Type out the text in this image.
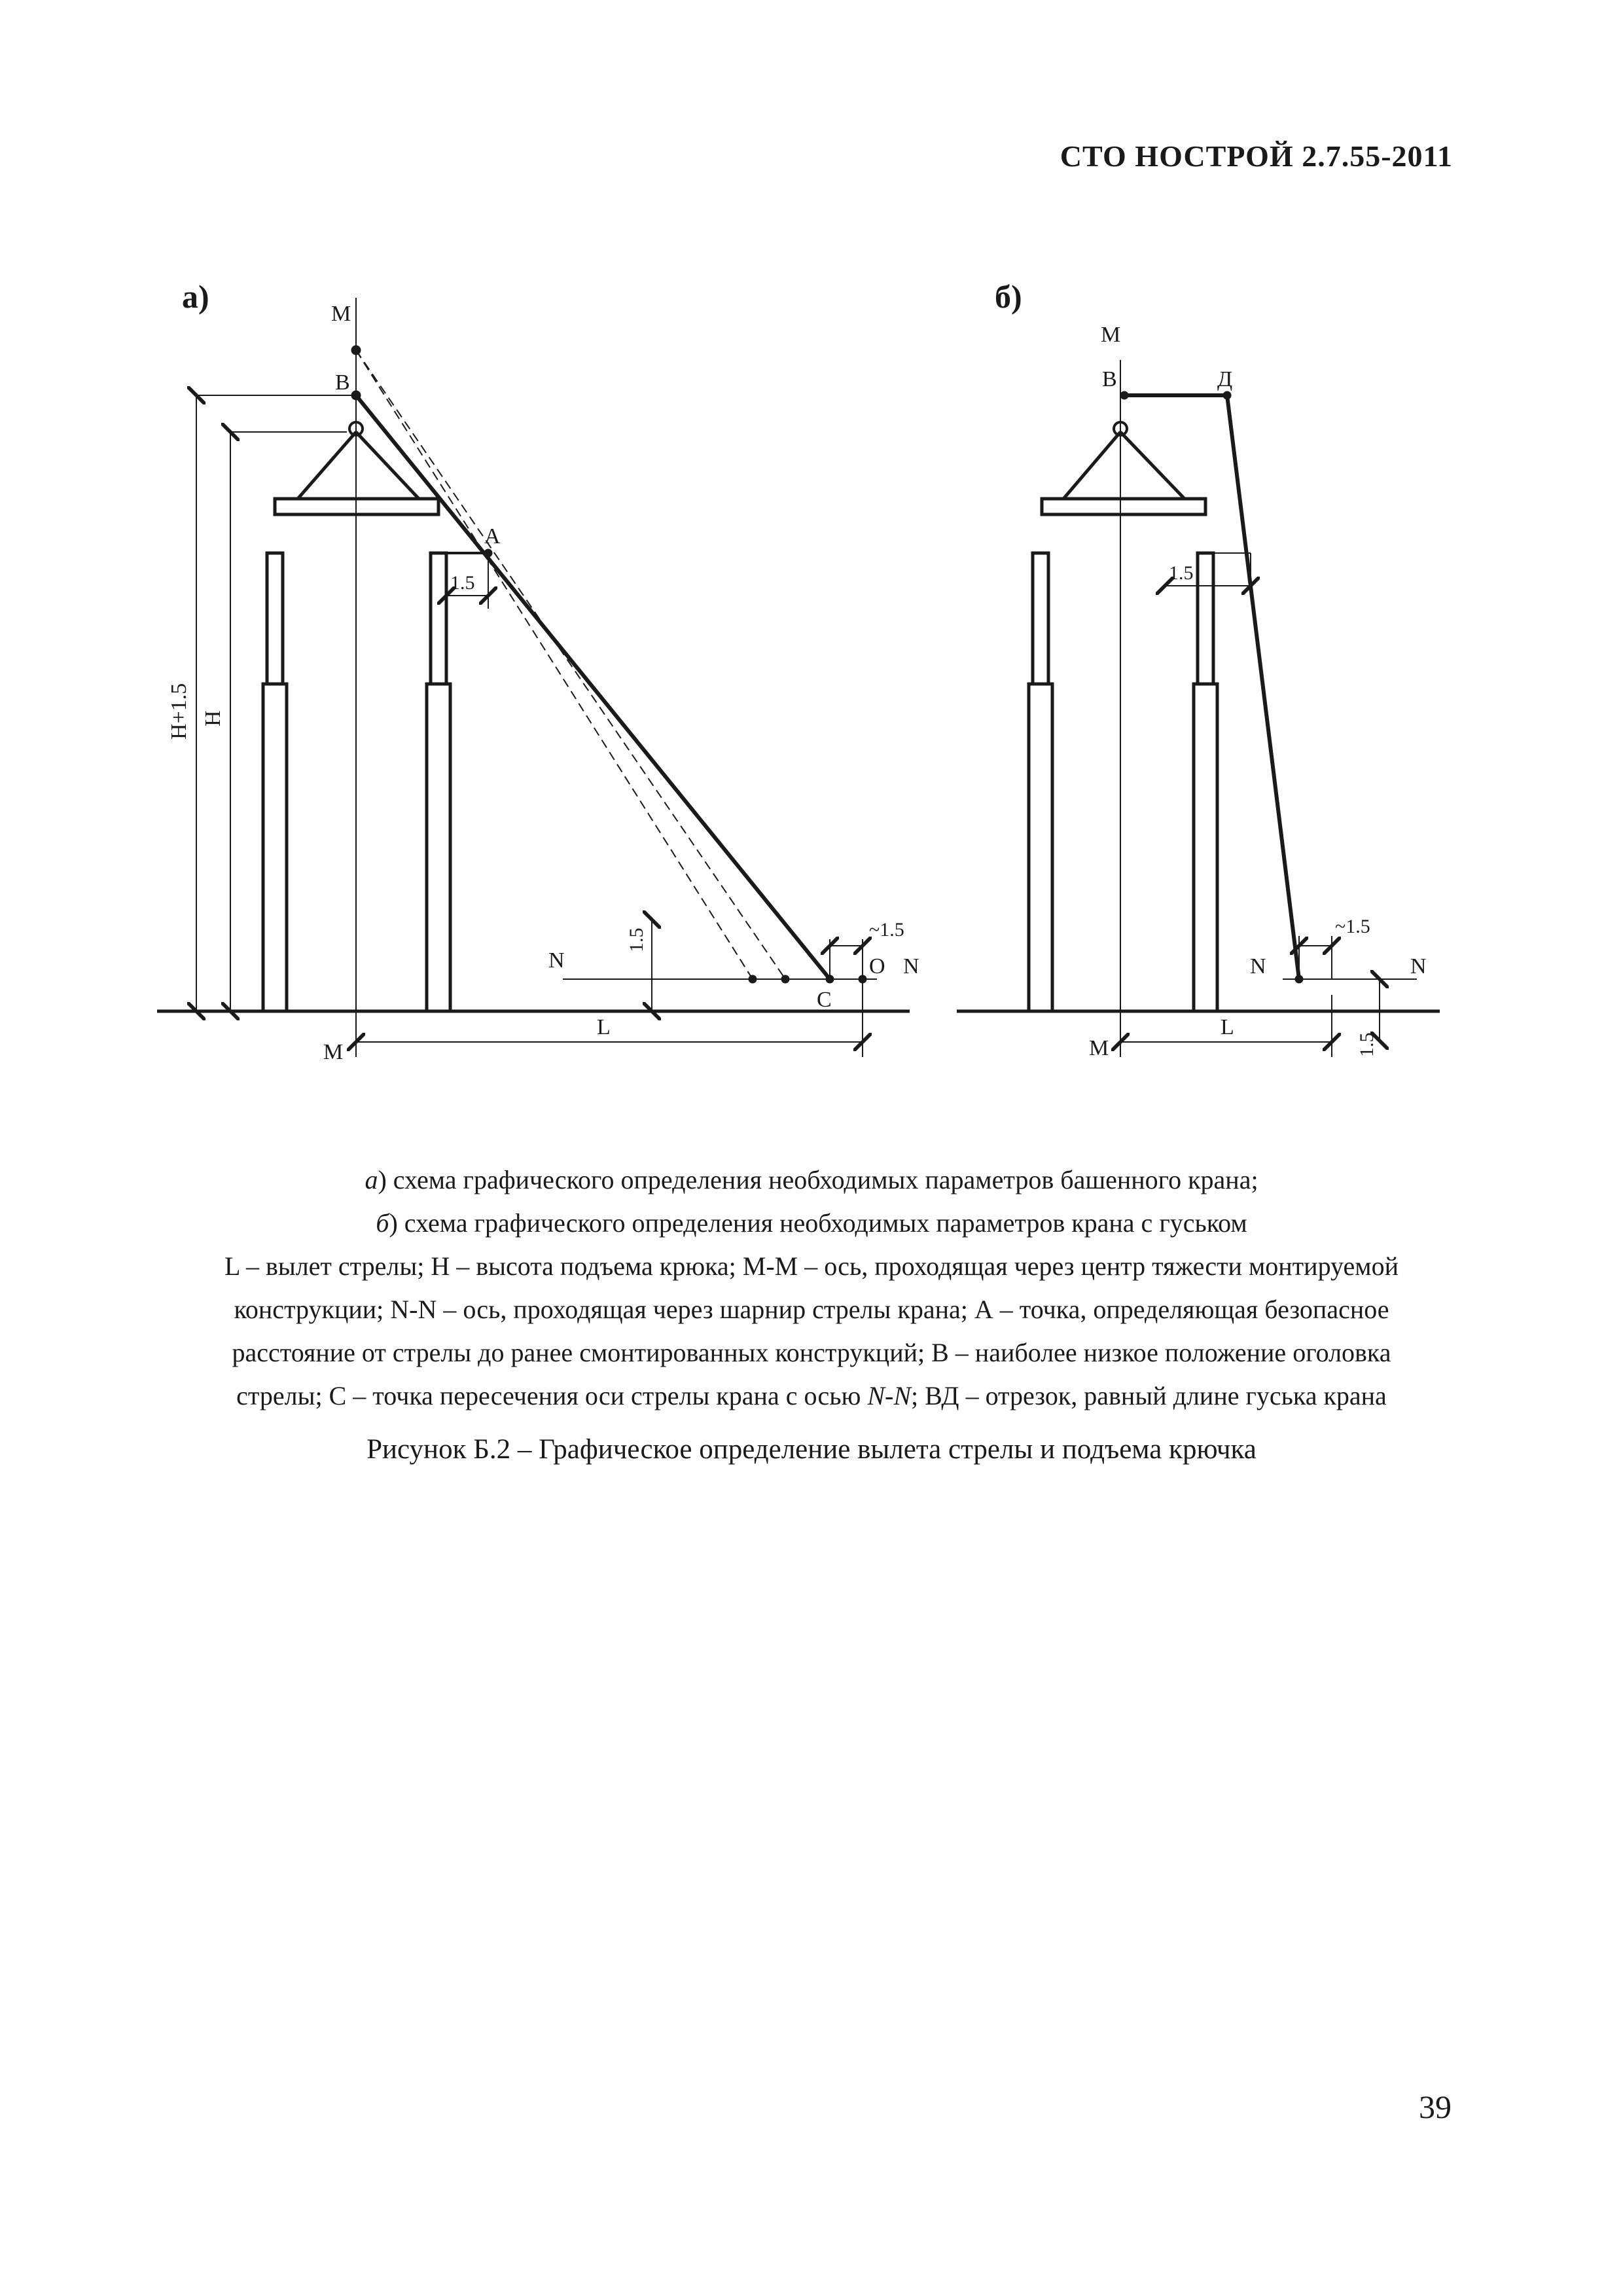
СТО НОСТРОЙ 2.7.55-2011
а)	M
B
A
C
O
M
N	N
L
1.5
~1.5
1.5
H+1.5 H
б)
M
B	Д
M
N	N
L
1.5
~1.5
1.5

а) схема графического определения необходимых параметров башенного крана;

б) схема графического определения необходимых параметров крана с гуськом

L – вылет стрелы; H – высота подъема крюка; М-М – ось, проходящая через центр тяжести монтируемой

конструкции; N-N – ось, проходящая через шарнир стрелы крана; А – точка, определяющая безопасное

расстояние от стрелы до ранее смонтированных конструкций; В – наиболее низкое положение оголовка

стрелы; С – точка пересечения оси стрелы крана с осью N-N; ВД – отрезок, равный длине гуська крана

Рисунок Б.2 – Графическое определение вылета стрелы и подъема крючка
39
